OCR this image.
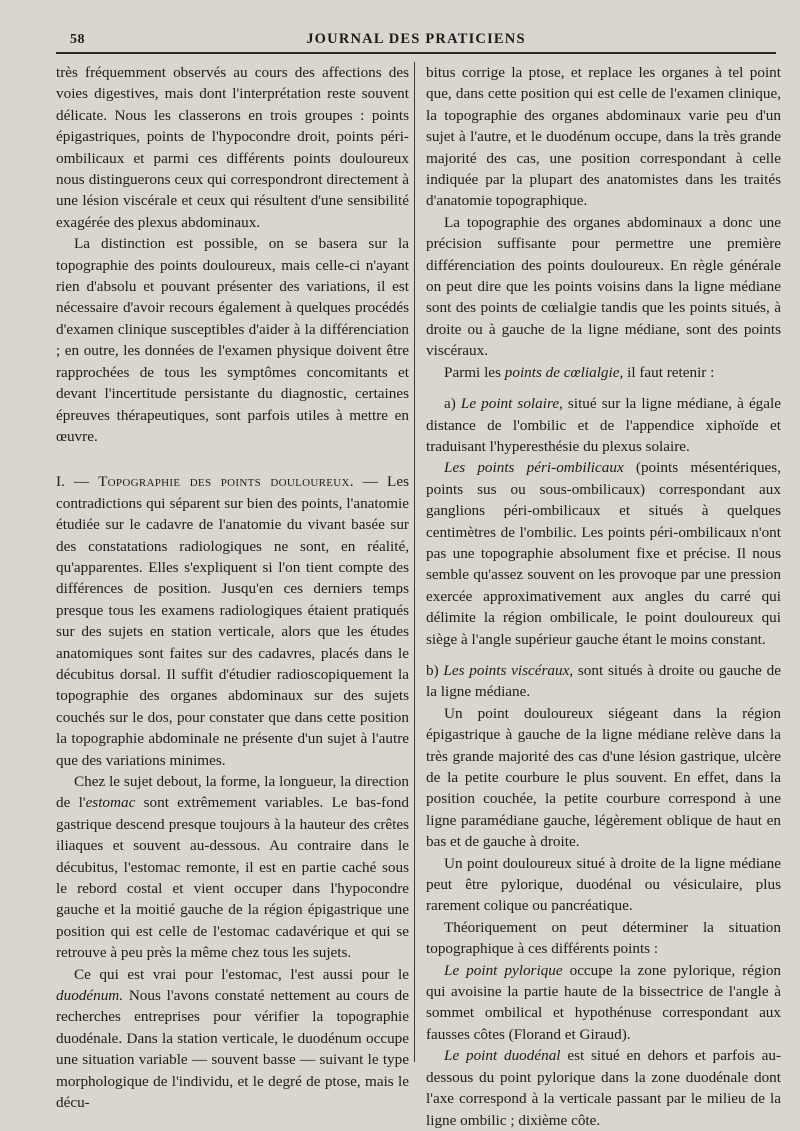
58	JOURNAL DES PRATICIENS

très fréquemment observés au cours des affections des voies digestives, mais dont l'interprétation reste souvent délicate. Nous les classerons en trois groupes : points épigastriques, points de l'hypocondre droit, points péri-ombilicaux et parmi ces différents points douloureux nous distinguerons ceux qui correspondront directement à une lésion viscérale et ceux qui résultent d'une sensibilité exagérée des plexus abdominaux.

La distinction est possible, on se basera sur la topographie des points douloureux, mais celle-ci n'ayant rien d'absolu et pouvant présenter des variations, il est nécessaire d'avoir recours également à quelques procédés d'examen clinique susceptibles d'aider à la différenciation ; en outre, les données de l'examen physique doivent être rapprochées de tous les symptômes concomitants et devant l'incertitude persistante du diagnostic, certaines épreuves thérapeutiques, sont parfois utiles à mettre en œuvre.

I. — Topographie des points douloureux. — Les contradictions qui séparent sur bien des points, l'anatomie étudiée sur le cadavre de l'anatomie du vivant basée sur des constatations radiologiques ne sont, en réalité, qu'apparentes. Elles s'expliquent si l'on tient compte des différences de position. Jusqu'en ces derniers temps presque tous les examens radiologiques étaient pratiqués sur des sujets en station verticale, alors que les études anatomiques sont faites sur des cadavres, placés dans le décubitus dorsal. Il suffit d'étudier radioscopiquement la topographie des organes abdominaux sur des sujets couchés sur le dos, pour constater que dans cette position la topographie abdominale ne présente d'un sujet à l'autre que des variations minimes.

Chez le sujet debout, la forme, la longueur, la direction de l'estomac sont extrêmement variables. Le bas-fond gastrique descend presque toujours à la hauteur des crêtes iliaques et souvent au-dessous. Au contraire dans le décubitus, l'estomac remonte, il est en partie caché sous le rebord costal et vient occuper dans l'hypocondre gauche et la moitié gauche de la région épigastrique une position qui est celle de l'estomac cadavérique et qui se retrouve à peu près la même chez tous les sujets.

Ce qui est vrai pour l'estomac, l'est aussi pour le duodénum. Nous l'avons constaté nettement au cours de recherches entreprises pour vérifier la topographie duodénale. Dans la station verticale, le duodénum occupe une situation variable — souvent basse — suivant le type morphologique de l'individu, et le degré de ptose, mais le décu-

bitus corrige la ptose, et replace les organes à tel point que, dans cette position qui est celle de l'examen clinique, la topographie des organes abdominaux varie peu d'un sujet à l'autre, et le duodénum occupe, dans la très grande majorité des cas, une position correspondant à celle indiquée par la plupart des anatomistes dans les traités d'anatomie topographique.

La topographie des organes abdominaux a donc une précision suffisante pour permettre une première différenciation des points douloureux. En règle générale on peut dire que les points voisins dans la ligne médiane sont des points de cœlialgie tandis que les points situés, à droite ou à gauche de la ligne médiane, sont des points viscéraux.

Parmi les points de cœlialgie, il faut retenir :

a) Le point solaire, situé sur la ligne médiane, à égale distance de l'ombilic et de l'appendice xiphoïde et traduisant l'hyperesthésie du plexus solaire.

Les points péri-ombilicaux (points mésentériques, points sus ou sous-ombilicaux) correspondant aux ganglions péri-ombilicaux et situés à quelques centimètres de l'ombilic. Les points péri-ombilicaux n'ont pas une topographie absolument fixe et précise. Il nous semble qu'assez souvent on les provoque par une pression exercée approximativement aux angles du carré qui délimite la région ombilicale, le point douloureux qui siège à l'angle supérieur gauche étant le moins constant.

b) Les points viscéraux, sont situés à droite ou gauche de la ligne médiane.

Un point douloureux siégeant dans la région épigastrique à gauche de la ligne médiane relève dans la très grande majorité des cas d'une lésion gastrique, ulcère de la petite courbure le plus souvent. En effet, dans la position couchée, la petite courbure correspond à une ligne paramédiane gauche, légèrement oblique de haut en bas et de gauche à droite.

Un point douloureux situé à droite de la ligne médiane peut être pylorique, duodénal ou vésiculaire, plus rarement colique ou pancréatique.

Théoriquement on peut déterminer la situation topographique à ces différents points :

Le point pylorique occupe la zone pylorique, région qui avoisine la partie haute de la bissectrice de l'angle à sommet ombilical et hypothénuse correspondant aux fausses côtes (Florand et Giraud).

Le point duodénal est situé en dehors et parfois au-dessous du point pylorique dans la zone duodénale dont l'axe correspond à la verticale passant par le milieu de la ligne ombilic ; dixième côte.
